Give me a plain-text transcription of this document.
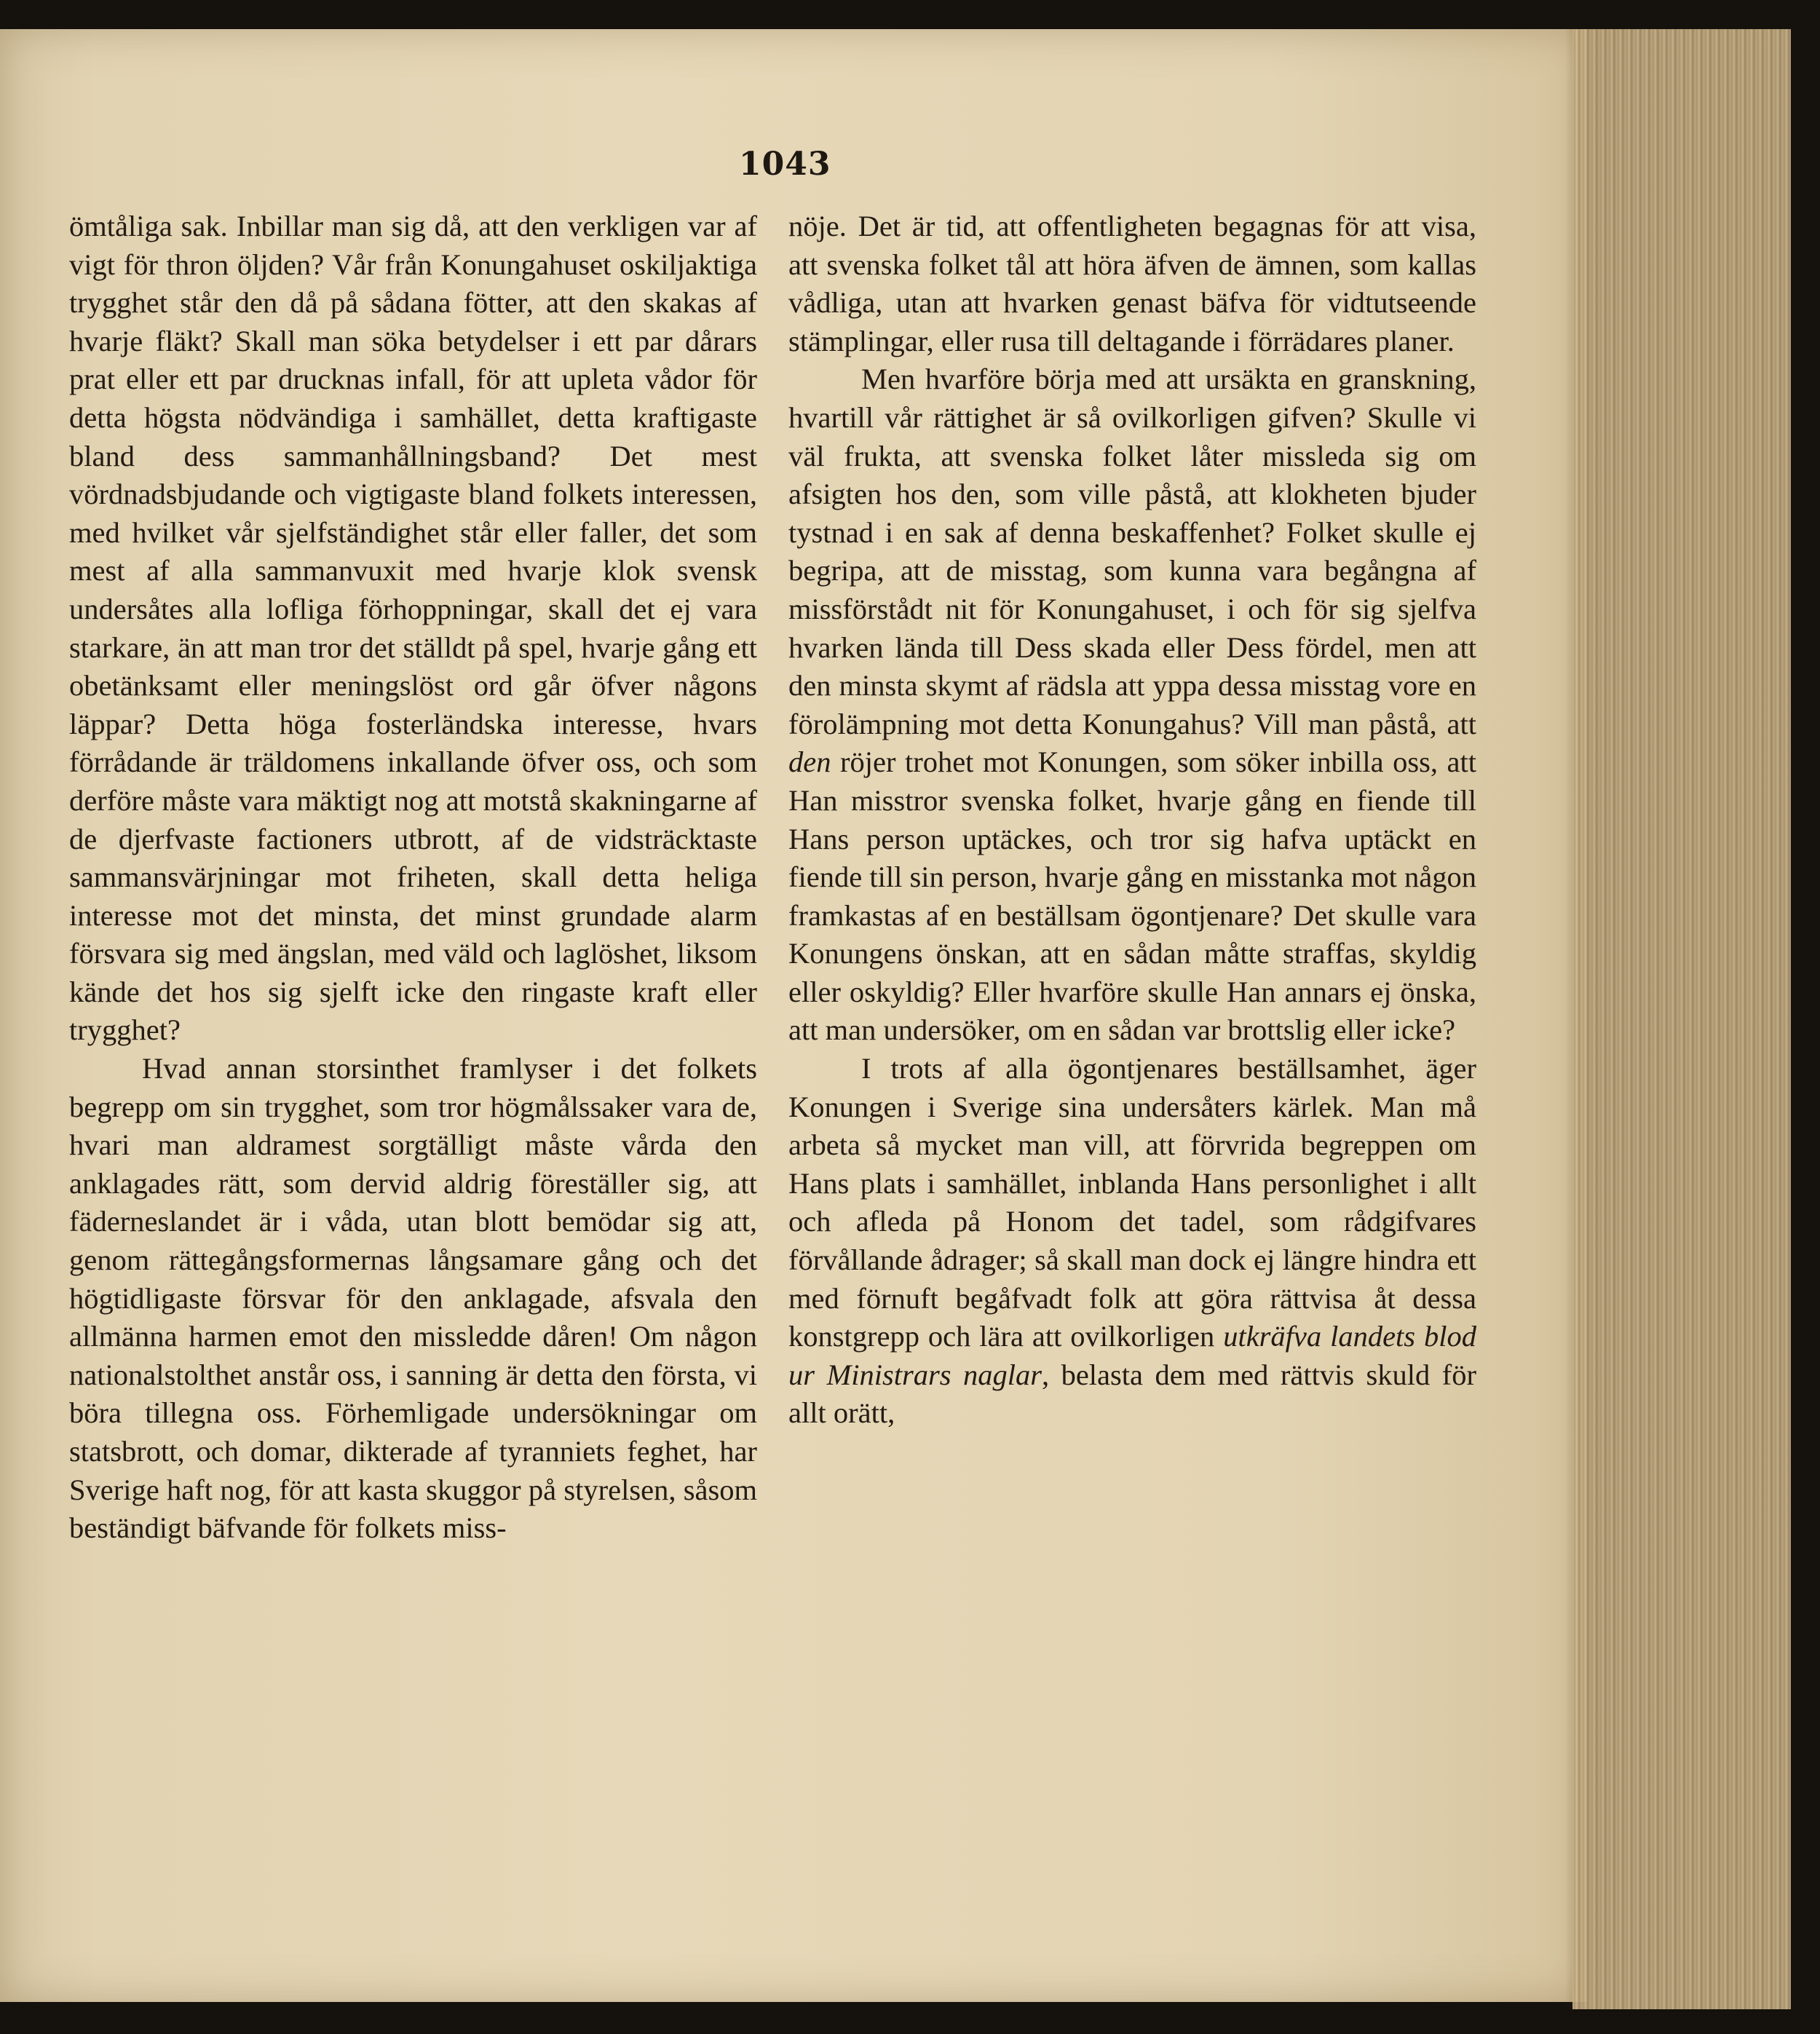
1043

ömtåliga sak. Inbillar man sig då, att den verkligen var af vigt för thron öljden? Vår från Konungahuset oskiljaktiga trygghet står den då på sådana fötter, att den skakas af hvarje fläkt? Skall man söka betydelser i ett par dårars prat eller ett par drucknas infall, för att upleta vådor för detta högsta nödvändiga i samhället, detta kraftigaste bland dess sammanhållningsband? Det mest vördnadsbjudande och vigtigaste bland folkets interessen, med hvilket vår sjelfständighet står eller faller, det som mest af alla sammanvuxit med hvarje klok svensk undersåtes alla lofliga förhoppningar, skall det ej vara starkare, än att man tror det ställdt på spel, hvarje gång ett obetänksamt eller meningslöst ord går öfver någons läppar? Detta höga fosterländska interesse, hvars förrådande är träldomens inkallande öfver oss, och som derföre måste vara mäktigt nog att motstå skakningarne af de djerfvaste factioners utbrott, af de vidsträcktaste sammansvärjningar mot friheten, skall detta heliga interesse mot det minsta, det minst grundade alarm försvara sig med ängslan, med väld och laglöshet, liksom kände det hos sig sjelft icke den ringaste kraft eller trygghet?

Hvad annan storsinthet framlyser i det folkets begrepp om sin trygghet, som tror högmålssaker vara de, hvari man aldramest sorgtälligt måste vårda den anklagades rätt, som dervid aldrig föreställer sig, att fäderneslandet är i våda, utan blott bemödar sig att, genom rättegångsformernas långsamare gång och det högtidligaste försvar för den anklagade, afsvala den allmänna harmen emot den missledde dåren! Om någon nationalstolthet anstår oss, i sanning är detta den första, vi böra tillegna oss. Förhemligade undersökningar om statsbrott, och domar, dikterade af tyranniets feghet, har Sverige haft nog, för att kasta skuggor på styrelsen, såsom beständigt bäfvande för folkets miss-

nöje. Det är tid, att offentligheten begagnas för att visa, att svenska folket tål att höra äfven de ämnen, som kallas vådliga, utan att hvarken genast bäfva för vidtutseende stämplingar, eller rusa till deltagande i förrädares planer.

Men hvarföre börja med att ursäkta en granskning, hvartill vår rättighet är så ovilkorligen gifven? Skulle vi väl frukta, att svenska folket låter missleda sig om afsigten hos den, som ville påstå, att klokheten bjuder tystnad i en sak af denna beskaffenhet? Folket skulle ej begripa, att de misstag, som kunna vara begångna af missförstådt nit för Konungahuset, i och för sig sjelfva hvarken lända till Dess skada eller Dess fördel, men att den minsta skymt af rädsla att yppa dessa misstag vore en förolämpning mot detta Konungahus? Vill man påstå, att den röjer trohet mot Konungen, som söker inbilla oss, att Han misstror svenska folket, hvarje gång en fiende till Hans person uptäckes, och tror sig hafva uptäckt en fiende till sin person, hvarje gång en misstanka mot någon framkastas af en beställsam ögontjenare? Det skulle vara Konungens önskan, att en sådan måtte straffas, skyldig eller oskyldig? Eller hvarföre skulle Han annars ej önska, att man undersöker, om en sådan var brottslig eller icke?

I trots af alla ögontjenares beställsamhet, äger Konungen i Sverige sina undersåters kärlek. Man må arbeta så mycket man vill, att förvrida begreppen om Hans plats i samhället, inblanda Hans personlighet i allt och afleda på Honom det tadel, som rådgifvares förvållande ådrager; så skall man dock ej längre hindra ett med förnuft begåfvadt folk att göra rättvisa åt dessa konstgrepp och lära att ovilkorligen utkräfva landets blod ur Ministrars naglar, belasta dem med rättvis skuld för allt orätt,
